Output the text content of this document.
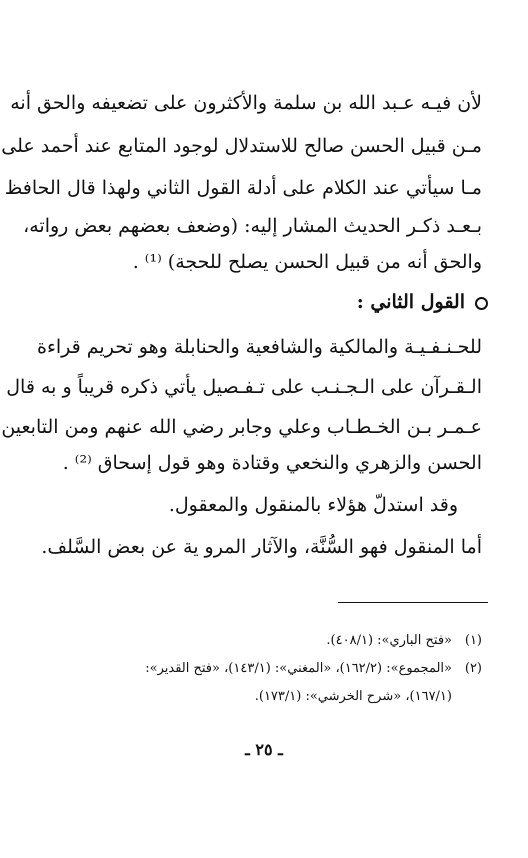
لأن فيـه عـبد الله بن سلمة والأكثرون على تضعيفه والحق أنه
مـن قبيل الحسن صالح للاستدلال لوجود المتابع عند أحمد على
مـا سيأتي عند الكلام على أدلة القول الثاني ولهذا قال الحافظ
بـعـد ذكـر الحديث المشار إليه: (وضعف بعضهم بعض رواته،
والحق أنه من قبيل الحسن يصلح للحجة) ⁽¹⁾ .
القول الثاني :
للحـنـفـيـة والمالكية والشافعية والحنابلة وهو تحريم قراءة
الـقـرآن على الـجـنـب على تـفـصيل يأتي ذكره قريباً و به قال
عـمـر بـن الخـطـاب وعلي وجابر رضي الله عنهم ومن التابعين
الحسن والزهري والنخعي وقتادة وهو قول إسحاق ⁽²⁾ .
وقد استدلّ هؤلاء بالمنقول والمعقول.
أما المنقول فهو السُّنَّة، والآثار المرو ية عن بعض السَّلف.
(١)«فتح الباري»: (٤٠٨/١).
(٢)«المجموع»: (١٦٢/٢)، «المغني»: (١٤٣/١)، «فتح القدير»:
(١٦٧/١)، «شرح الخرشي»: (١٧٣/١).
ـ ٢٥ ـ
